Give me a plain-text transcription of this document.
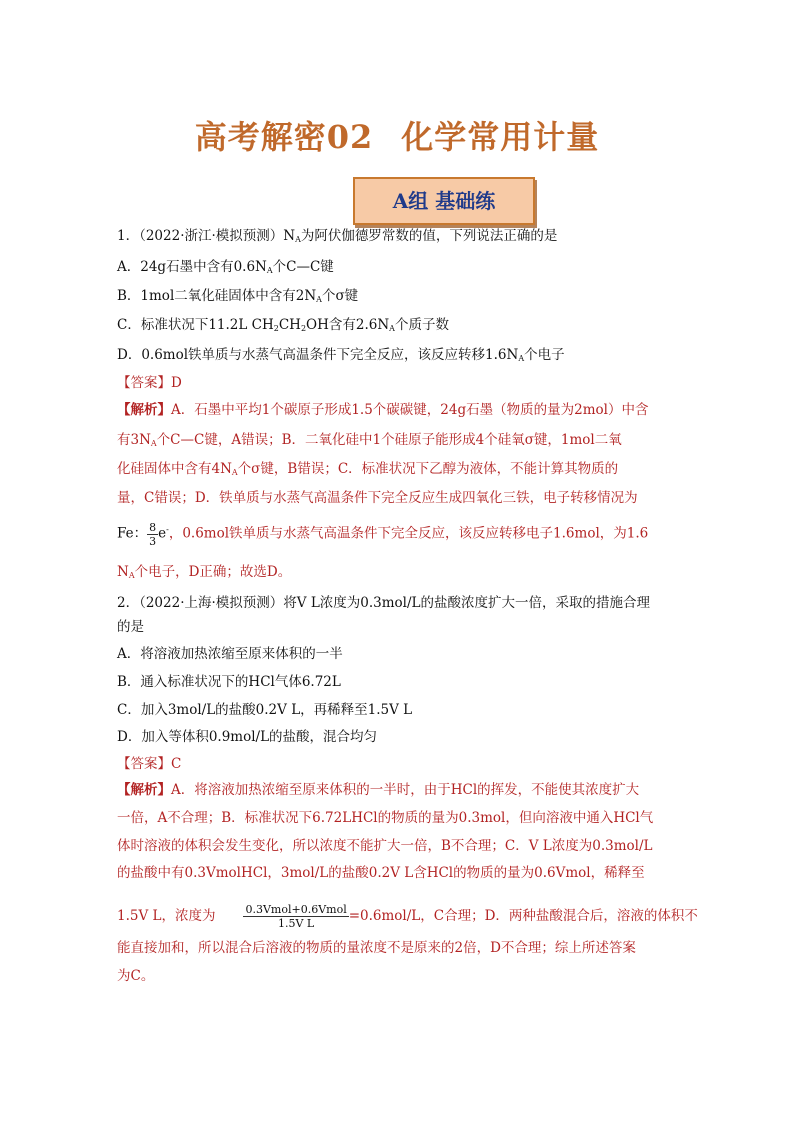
高考解密02 化学常用计量
A组 基础练
1．（2022·浙江·模拟预测）$N_A$为阿伏伽德罗常数的值，下列说法正确的是
A．24g石墨中含有$0.6N_A$个C—C键
B．1mol二氧化硅固体中含有$2N_A$个σ键
C．标准状况下11.2L $CH_2CH_2OH$含有$2.6N_A$个质子数
D．0.6mol铁单质与水蒸气高温条件下完全反应，该反应转移$1.6N_A$个电子
【答案】D
【解析】A．石墨中平均1个碳原子形成1.5个碳碳键，24g石墨（物质的量为2mol）中含
有$3N_A$个C—C键，A错误；B．二氧化硅中1个硅原子能形成4个硅氧σ键，1mol二氧
化硅固体中含有$4N_A$个σ键，B错误；C．标准状况下乙醇为液体，不能计算其物质的
量，C错误；D．铁单质与水蒸气高温条件下完全反应生成四氧化三铁，电子转移情况为
Fe： $\frac{8}{3} e^-$，0.6mol铁单质与水蒸气高温条件下完全反应，该反应转移电子1.6mol，为1.6
$N_A$个电子，D正确；故选D。
2．（2022·上海·模拟预测）将V L浓度为0.3mol/L的盐酸浓度扩大一倍，采取的措施合理
的是
A．将溶液加热浓缩至原来体积的一半
B．通入标准状况下的HCl气体6.72L
C．加入3mol/L的盐酸0.2V L，再稀释至1.5V L
D．加入等体积0.9mol/L的盐酸，混合均匀
【答案】C
【解析】A．将溶液加热浓缩至原来体积的一半时，由于HCl的挥发，不能使其浓度扩大
一倍，A不合理；B．标准状况下6.72LHCl的物质的量为0.3mol，但向溶液中通入HCl气
体时溶液的体积会发生变化，所以浓度不能扩大一倍，B不合理；C．V L浓度为0.3mol/L
的盐酸中有0.3VmolHCl，3mol/L的盐酸0.2V L含HCl的物质的量为0.6Vmol，稀释至
1.5V L，浓度为	$\frac{\text{0.3Vmol+0.6Vmol}}{\text{1.5V L}} =0.6mol/L$，C合理；D．两种盐酸混合后，溶液的体积不
能直接加和，所以混合后溶液的物质的量浓度不是原来的2倍，D不合理；综上所述答案
为C。
